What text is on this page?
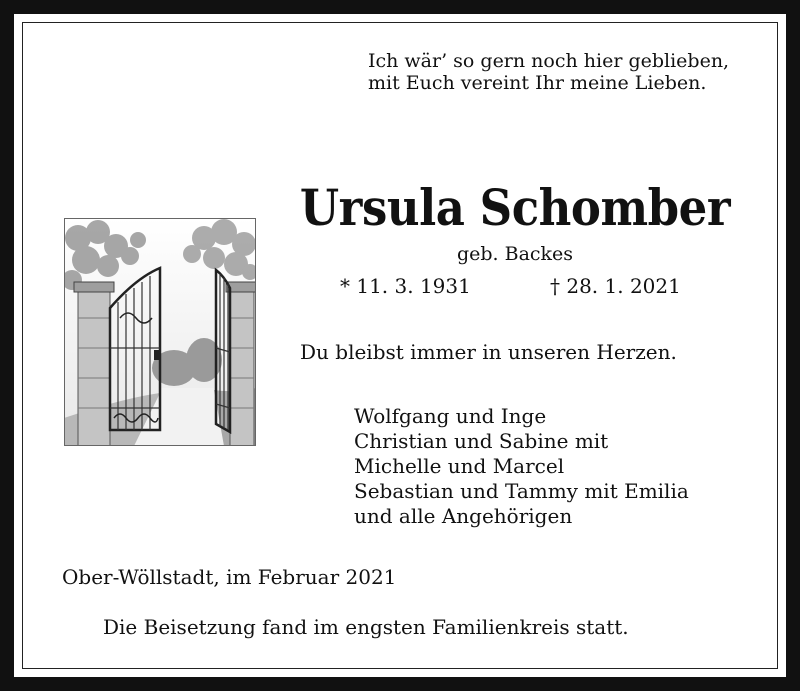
Ich wär’ so gern noch hier geblieben,
mit Euch vereint Ihr meine Lieben.
Ursula Schomber
geb. Backes
* 11. 3. 1931	† 28. 1. 2021
Du bleibst immer in unseren Herzen.
Wolfgang und Inge
Christian und Sabine mit
Michelle und Marcel
Sebastian und Tammy mit Emilia
und alle Angehörigen
Ober-Wöllstadt, im Februar 2021
Die Beisetzung fand im engsten Familienkreis statt.
